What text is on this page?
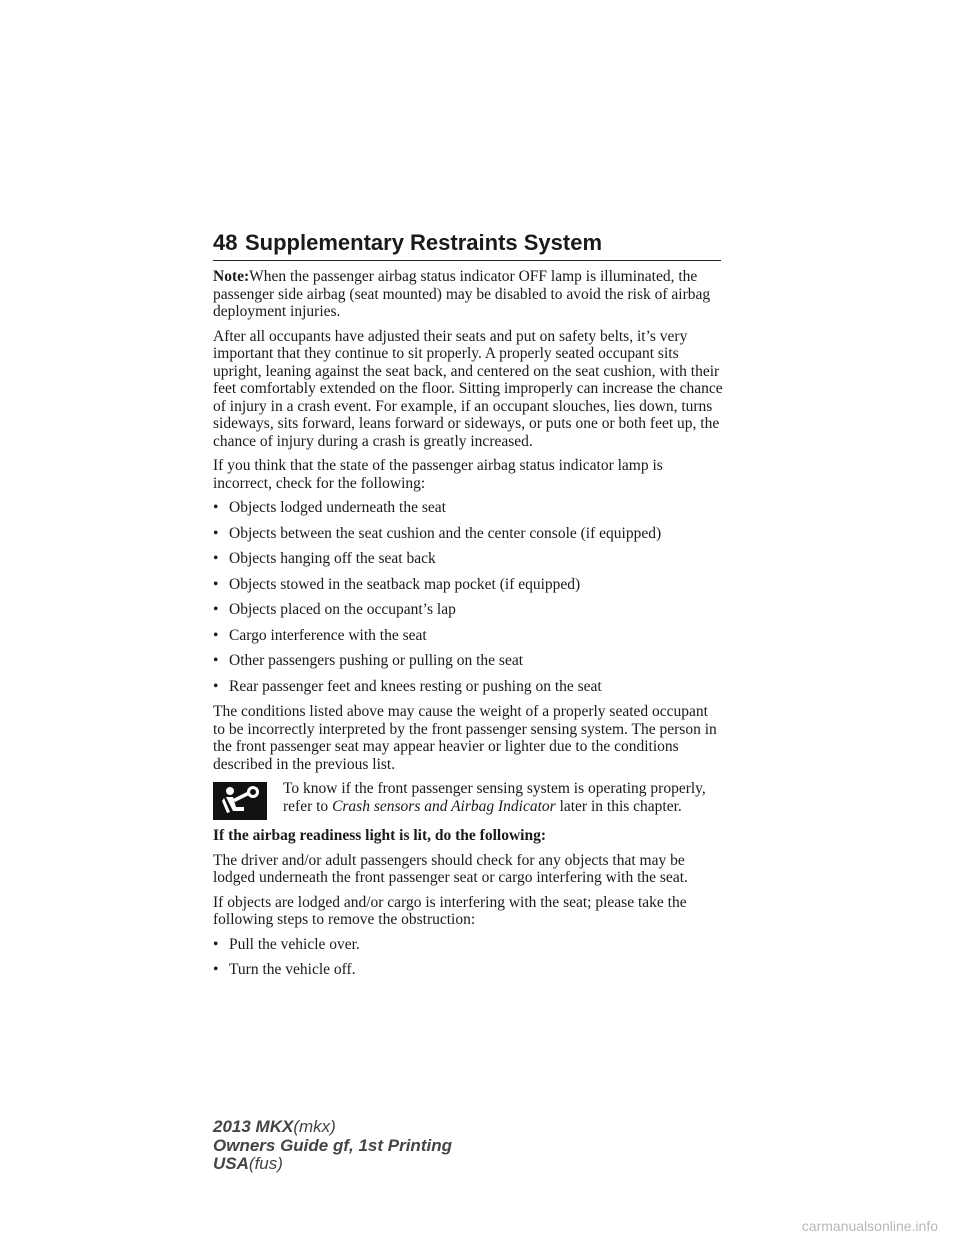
48 Supplementary Restraints System

Note:When the passenger airbag status indicator OFF lamp is illuminated, the passenger side airbag (seat mounted) may be disabled to avoid the risk of airbag deployment injuries.

After all occupants have adjusted their seats and put on safety belts, it’s very important that they continue to sit properly. A properly seated occupant sits upright, leaning against the seat back, and centered on the seat cushion, with their feet comfortably extended on the floor. Sitting improperly can increase the chance of injury in a crash event. For example, if an occupant slouches, lies down, turns sideways, sits forward, leans forward or sideways, or puts one or both feet up, the chance of injury during a crash is greatly increased.

If you think that the state of the passenger airbag status indicator lamp is incorrect, check for the following:

• Objects lodged underneath the seat
• Objects between the seat cushion and the center console (if equipped)
• Objects hanging off the seat back
• Objects stowed in the seatback map pocket (if equipped)
• Objects placed on the occupant’s lap
• Cargo interference with the seat
• Other passengers pushing or pulling on the seat
• Rear passenger feet and knees resting or pushing on the seat

The conditions listed above may cause the weight of a properly seated occupant to be incorrectly interpreted by the front passenger sensing system. The person in the front passenger seat may appear heavier or lighter due to the conditions described in the previous list.

To know if the front passenger sensing system is operating properly, refer to Crash sensors and Airbag Indicator later in this chapter.

If the airbag readiness light is lit, do the following:

The driver and/or adult passengers should check for any objects that may be lodged underneath the front passenger seat or cargo interfering with the seat.

If objects are lodged and/or cargo is interfering with the seat; please take the following steps to remove the obstruction:

• Pull the vehicle over.
• Turn the vehicle off.
2013 MKX(mkx)
Owners Guide gf, 1st Printing
USA(fus)
carmanualsonline.info
